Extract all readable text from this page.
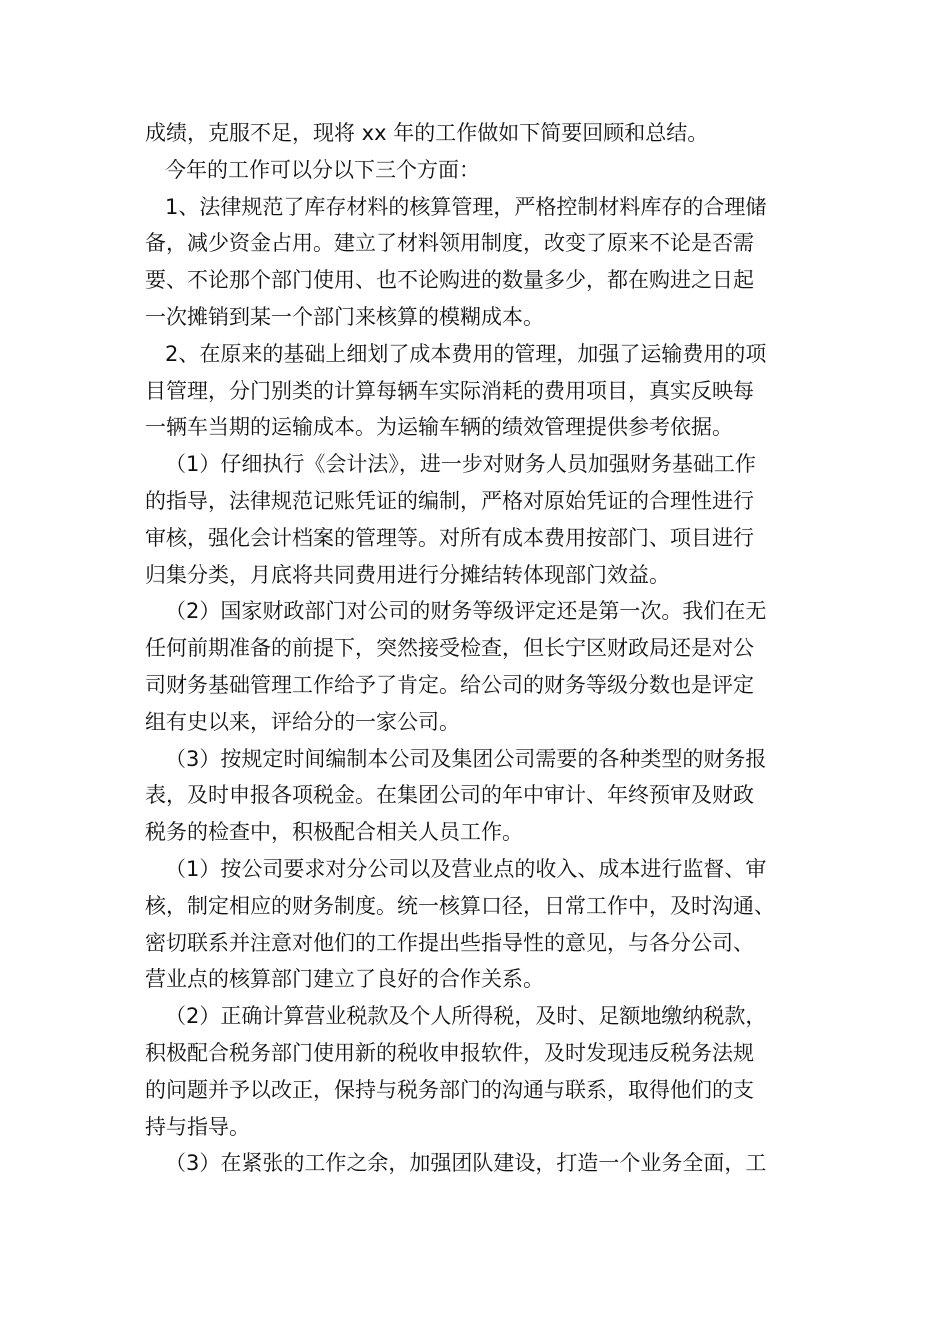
成绩，克服不足，现将 xx 年的工作做如下简要回顾和总结。
今年的工作可以分以下三个方面：
1、法律规范了库存材料的核算管理，严格控制材料库存的合理储
备，减少资金占用。建立了材料领用制度，改变了原来不论是否需
要、不论那个部门使用、也不论购进的数量多少，都在购进之日起
一次摊销到某一个部门来核算的模糊成本。
2、在原来的基础上细划了成本费用的管理，加强了运输费用的项
目管理，分门别类的计算每辆车实际消耗的费用项目，真实反映每
一辆车当期的运输成本。为运输车辆的绩效管理提供参考依据。
（1）仔细执行《会计法》，进一步对财务人员加强财务基础工作
的指导，法律规范记账凭证的编制，严格对原始凭证的合理性进行
审核，强化会计档案的管理等。对所有成本费用按部门、项目进行
归集分类，月底将共同费用进行分摊结转体现部门效益。
（2）国家财政部门对公司的财务等级评定还是第一次。我们在无
任何前期准备的前提下，突然接受检查，但长宁区财政局还是对公
司财务基础管理工作给予了肯定。给公司的财务等级分数也是评定
组有史以来，评给分的一家公司。
（3）按规定时间编制本公司及集团公司需要的各种类型的财务报
表，及时申报各项税金。在集团公司的年中审计、年终预审及财政
税务的检查中，积极配合相关人员工作。
（1）按公司要求对分公司以及营业点的收入、成本进行监督、审
核，制定相应的财务制度。统一核算口径，日常工作中，及时沟通、
密切联系并注意对他们的工作提出些指导性的意见，与各分公司、
营业点的核算部门建立了良好的合作关系。
（2）正确计算营业税款及个人所得税，及时、足额地缴纳税款，
积极配合税务部门使用新的税收申报软件，及时发现违反税务法规
的问题并予以改正，保持与税务部门的沟通与联系，取得他们的支
持与指导。
（3）在紧张的工作之余，加强团队建设，打造一个业务全面，工
